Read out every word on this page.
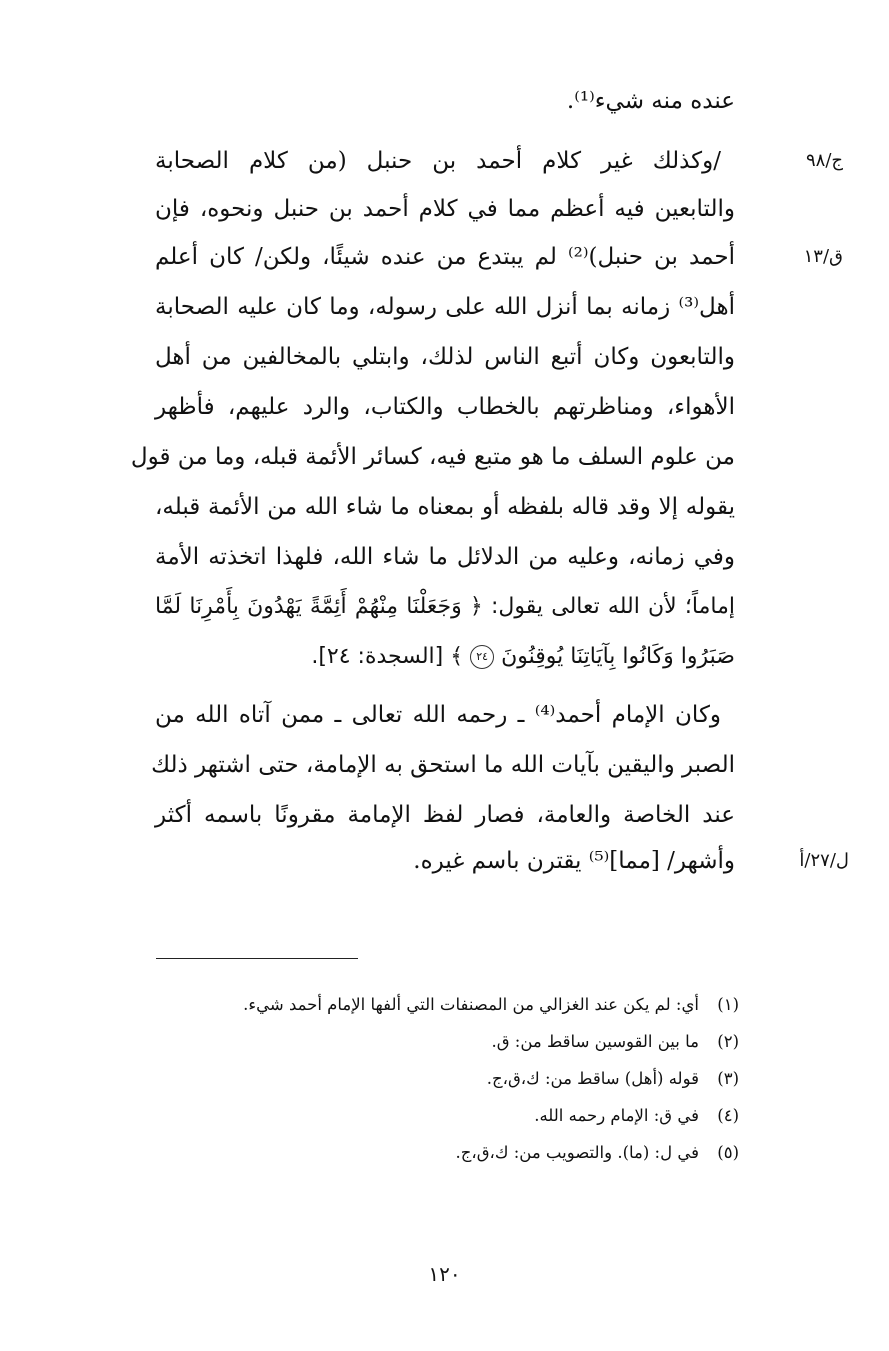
عنده منه شيء⁽¹⁾.
/وكذلك غير كلام أحمد بن حنبل (من كلام الصحابة	ج/٩٨
والتابعين فيه أعظم مما في كلام أحمد بن حنبل ونحوه، فإن
أحمد بن حنبل)⁽²⁾ لم يبتدع من عنده شيئًا، ولكن/ كان أعلم	ق/١٣
أهل⁽³⁾ زمانه بما أنزل الله على رسوله، وما كان عليه الصحابة
والتابعون وكان أتبع الناس لذلك، وابتلي بالمخالفين من أهل
الأهواء، ومناظرتهم بالخطاب والكتاب، والرد عليهم، فأظهر
من علوم السلف ما هو متبع فيه، كسائر الأئمة قبله، وما من قول
يقوله إلا وقد قاله بلفظه أو بمعناه ما شاء الله من الأئمة قبله،
وفي زمانه، وعليه من الدلائل ما شاء الله، فلهذا اتخذته الأمة
إماماً؛ لأن الله تعالى يقول: ﴿ وَجَعَلْنَا مِنْهُمْ أَئِمَّةً يَهْدُونَ بِأَمْرِنَا لَمَّا
صَبَرُوا وَكَانُوا بِآيَاتِنَا يُوقِنُونَ ٢٤ ﴾ [السجدة: ٢٤].
وكان الإمام أحمد⁽⁴⁾ ـ رحمه الله تعالى ـ ممن آتاه الله من
الصبر واليقين بآيات الله ما استحق به الإمامة، حتى اشتهر ذلك
عند الخاصة والعامة، فصار لفظ الإمامة مقرونًا باسمه أكثر
وأشهر/ [مما]⁽⁵⁾ يقترن باسم غيره.	ل/٢٧/أ
(١)أي: لم يكن عند الغزالي من المصنفات التي ألفها الإمام أحمد شيء.
(٢)ما بين القوسين ساقط من: ق.
(٣)قوله (أهل) ساقط من: ك،ق،ج.
(٤)في ق: الإمام رحمه الله.
(٥)في ل: (ما). والتصويب من: ك،ق،ج.
١٢٠
